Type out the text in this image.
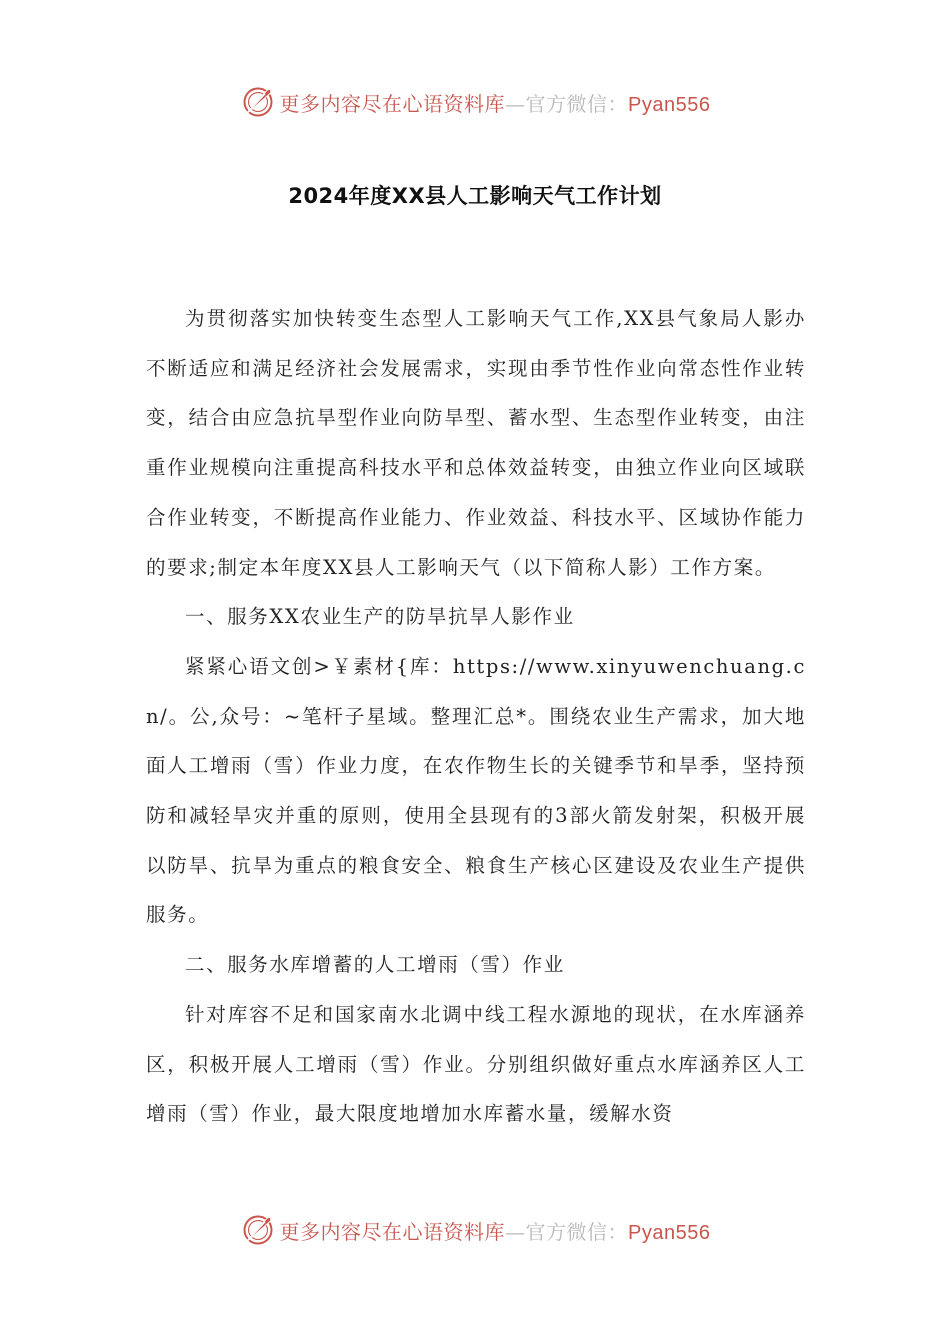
更多内容尽在心语资料库—官方微信：Pyan556
2024年度XX县人工影响天气工作计划

为贯彻落实加快转变生态型人工影响天气工作,XX县气象局人影办不断适应和满足经济社会发展需求，实现由季节性作业向常态性作业转变，结合由应急抗旱型作业向防旱型、蓄水型、生态型作业转变，由注重作业规模向注重提高科技水平和总体效益转变，由独立作业向区域联合作业转变，不断提高作业能力、作业效益、科技水平、区域协作能力的要求;制定本年度XX县人工影响天气（以下简称人影）工作方案。

一、服务XX农业生产的防旱抗旱人影作业

紧紧心语文创>￥素材{库：https://www.xinyuwenchuang.cn/。公,众号：~笔杆子星域。整理汇总*。围绕农业生产需求，加大地面人工增雨（雪）作业力度，在农作物生长的关键季节和旱季，坚持预防和减轻旱灾并重的原则，使用全县现有的3部火箭发射架，积极开展以防旱、抗旱为重点的粮食安全、粮食生产核心区建设及农业生产提供服务。

二、服务水库增蓄的人工增雨（雪）作业

针对库容不足和国家南水北调中线工程水源地的现状，在水库涵养区，积极开展人工增雨（雪）作业。分别组织做好重点水库涵养区人工增雨（雪）作业，最大限度地增加水库蓄水量，缓解水资

更多内容尽在心语资料库—官方微信：Pyan556
